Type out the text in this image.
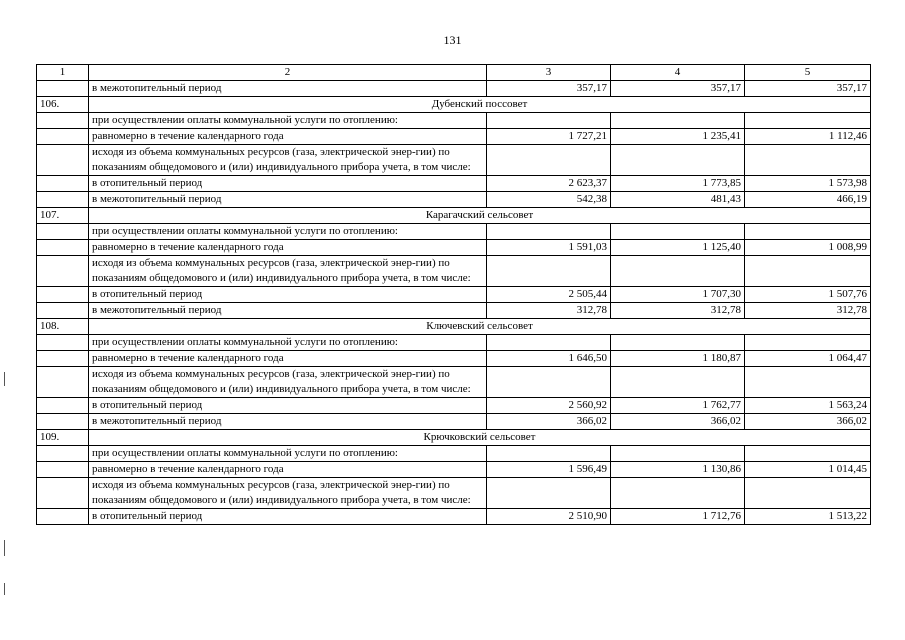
131
1	2	3	4	5
	в межотопительный период	357,17	357,17	357,17
106.	Дубенский поссовет			
	при осуществлении оплаты коммунальной услуги по отоплению:			
	равномерно в течение календарного года	1 727,21	1 235,41	1 112,46
	исходя из объема коммунальных ресурсов (газа, электрической энер-гии) по показаниям общедомового и (или) индивидуального прибора учета, в том числе:			
	в отопительный период	2 623,37	1 773,85	1 573,98
	в межотопительный период	542,38	481,43	466,19
107.	Карагачский сельсовет			
	при осуществлении оплаты коммунальной услуги по отоплению:			
	равномерно в течение календарного года	1 591,03	1 125,40	1 008,99
	исходя из объема коммунальных ресурсов (газа, электрической энер-гии) по показаниям общедомового и (или) индивидуального прибора учета, в том числе:			
	в отопительный период	2 505,44	1 707,30	1 507,76
	в межотопительный период	312,78	312,78	312,78
108.	Ключевский сельсовет			
	при осуществлении оплаты коммунальной услуги по отоплению:			
	равномерно в течение календарного года	1 646,50	1 180,87	1 064,47
	исходя из объема коммунальных ресурсов (газа, электрической энер-гии) по показаниям общедомового и (или) индивидуального прибора учета, в том числе:			
	в отопительный период	2 560,92	1 762,77	1 563,24
	в межотопительный период	366,02	366,02	366,02
109.	Крючковский сельсовет			
	при осуществлении оплаты коммунальной услуги по отоплению:			
	равномерно в течение календарного года	1 596,49	1 130,86	1 014,45
	исходя из объема коммунальных ресурсов (газа, электрической энер-гии) по показаниям общедомового и (или) индивидуального прибора учета, в том числе:			
	в отопительный период	2 510,90	1 712,76	1 513,22
